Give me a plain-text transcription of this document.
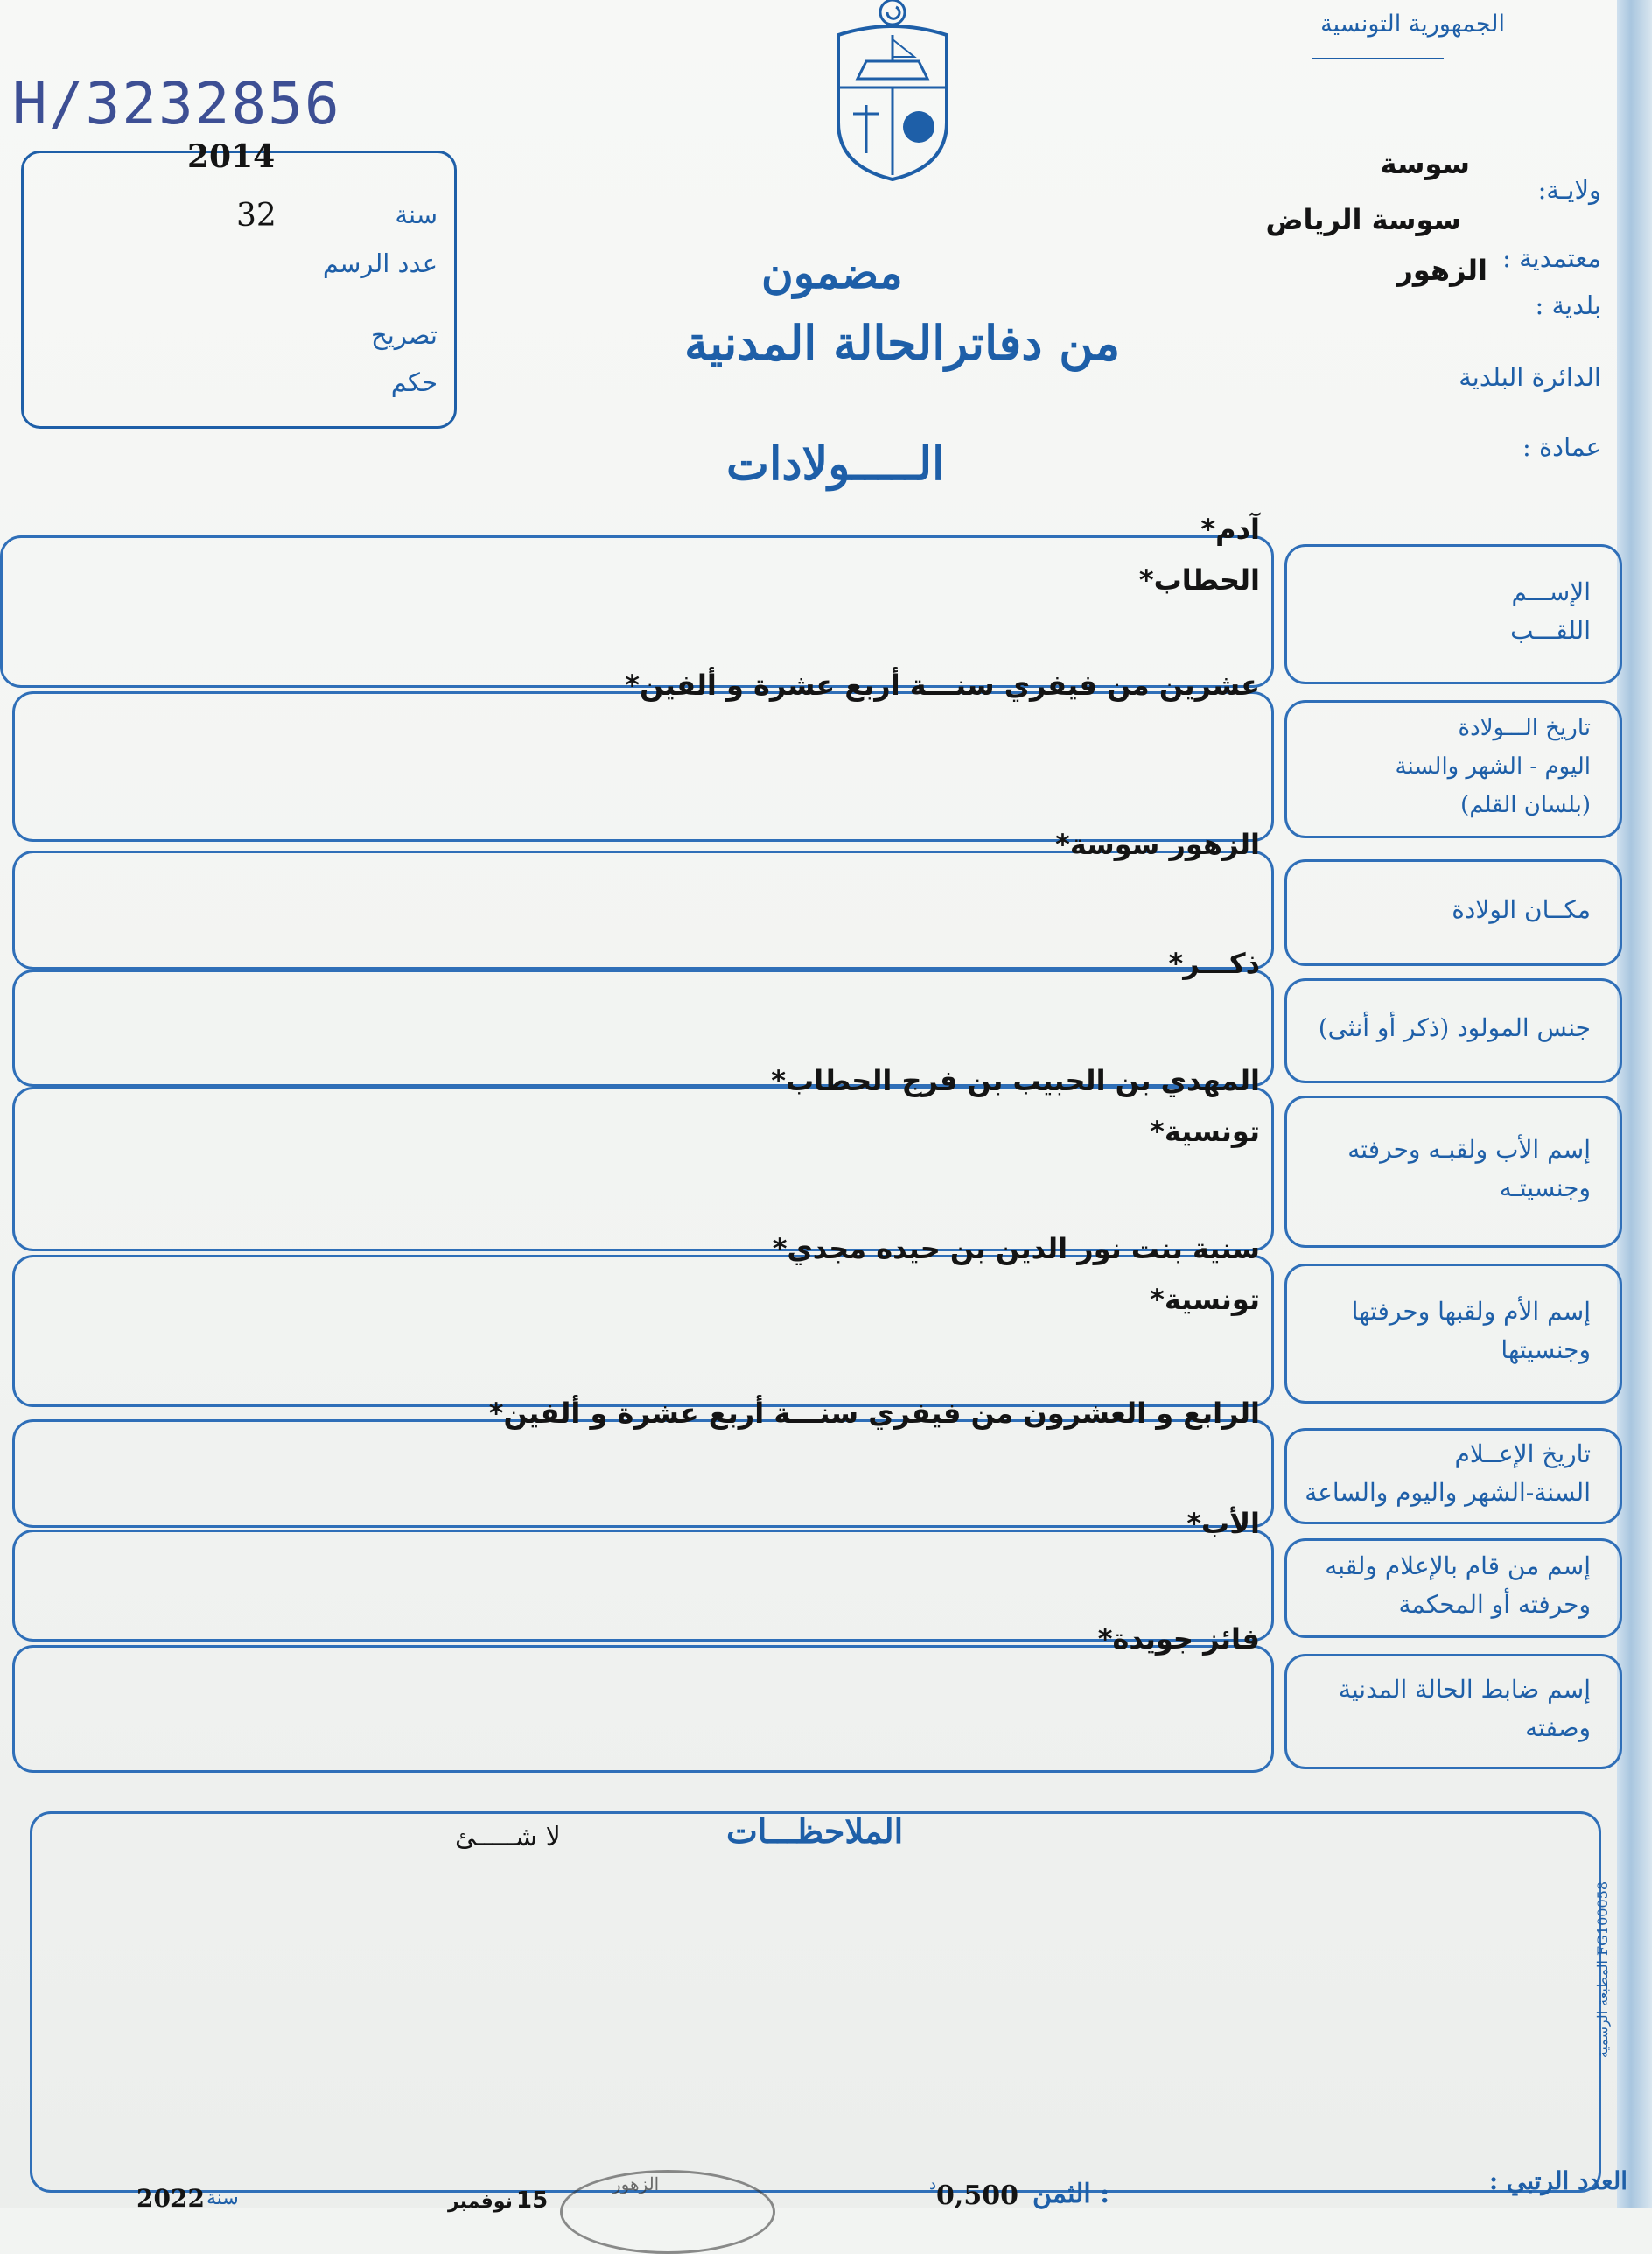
H/3232856
الجمهورية التونسية
2014
سنة
32
عدد الرسم
تصريح
حكم
ولايـة:
سوسة
معتمدية :
سوسة الرياض
بلدية :
الزهور
الدائرة البلدية
عمادة :
مضمون
من دفاترالحالة المدنية
الـــــولادات
الإســـم
اللقـــب
آدم*
الحطاب*
تاريخ الـــولادة
اليوم - الشهر والسنة
(بلسان القلم)
عشرين من فيفري سنـــة أربع عشرة و ألفين*
مكــان الولادة
الزهور سوسة*
جنس المولود (ذكر أو أنثى)
ذكـــر*
إسم الأب ولقبـه وحرفته
وجنسيتـه
المهدي بن الحبيب بن فرج الحطاب*
تونسية*
إسم الأم ولقبها وحرفتها
وجنسيتها
سنية بنت نور الدين بن حيده مجدي*
تونسية*
تاريخ الإعــلام
السنة-الشهر واليوم والساعة
الرابع و العشرون من فيفري سنـــة أربع عشرة و ألفين*
إسم من قام بالإعلام ولقبه
وحرفته أو المحكمة
الأب*
إسم ضابط الحالة المدنية
وصفته
فائز جويدة*
الملاحظـــات
لا شـــــئ
المطبعة الرسمية FG100058
العدد الرتبي :
الثمن :
0,500
د
الزهور
15
نوفمبر
سنة
2022
